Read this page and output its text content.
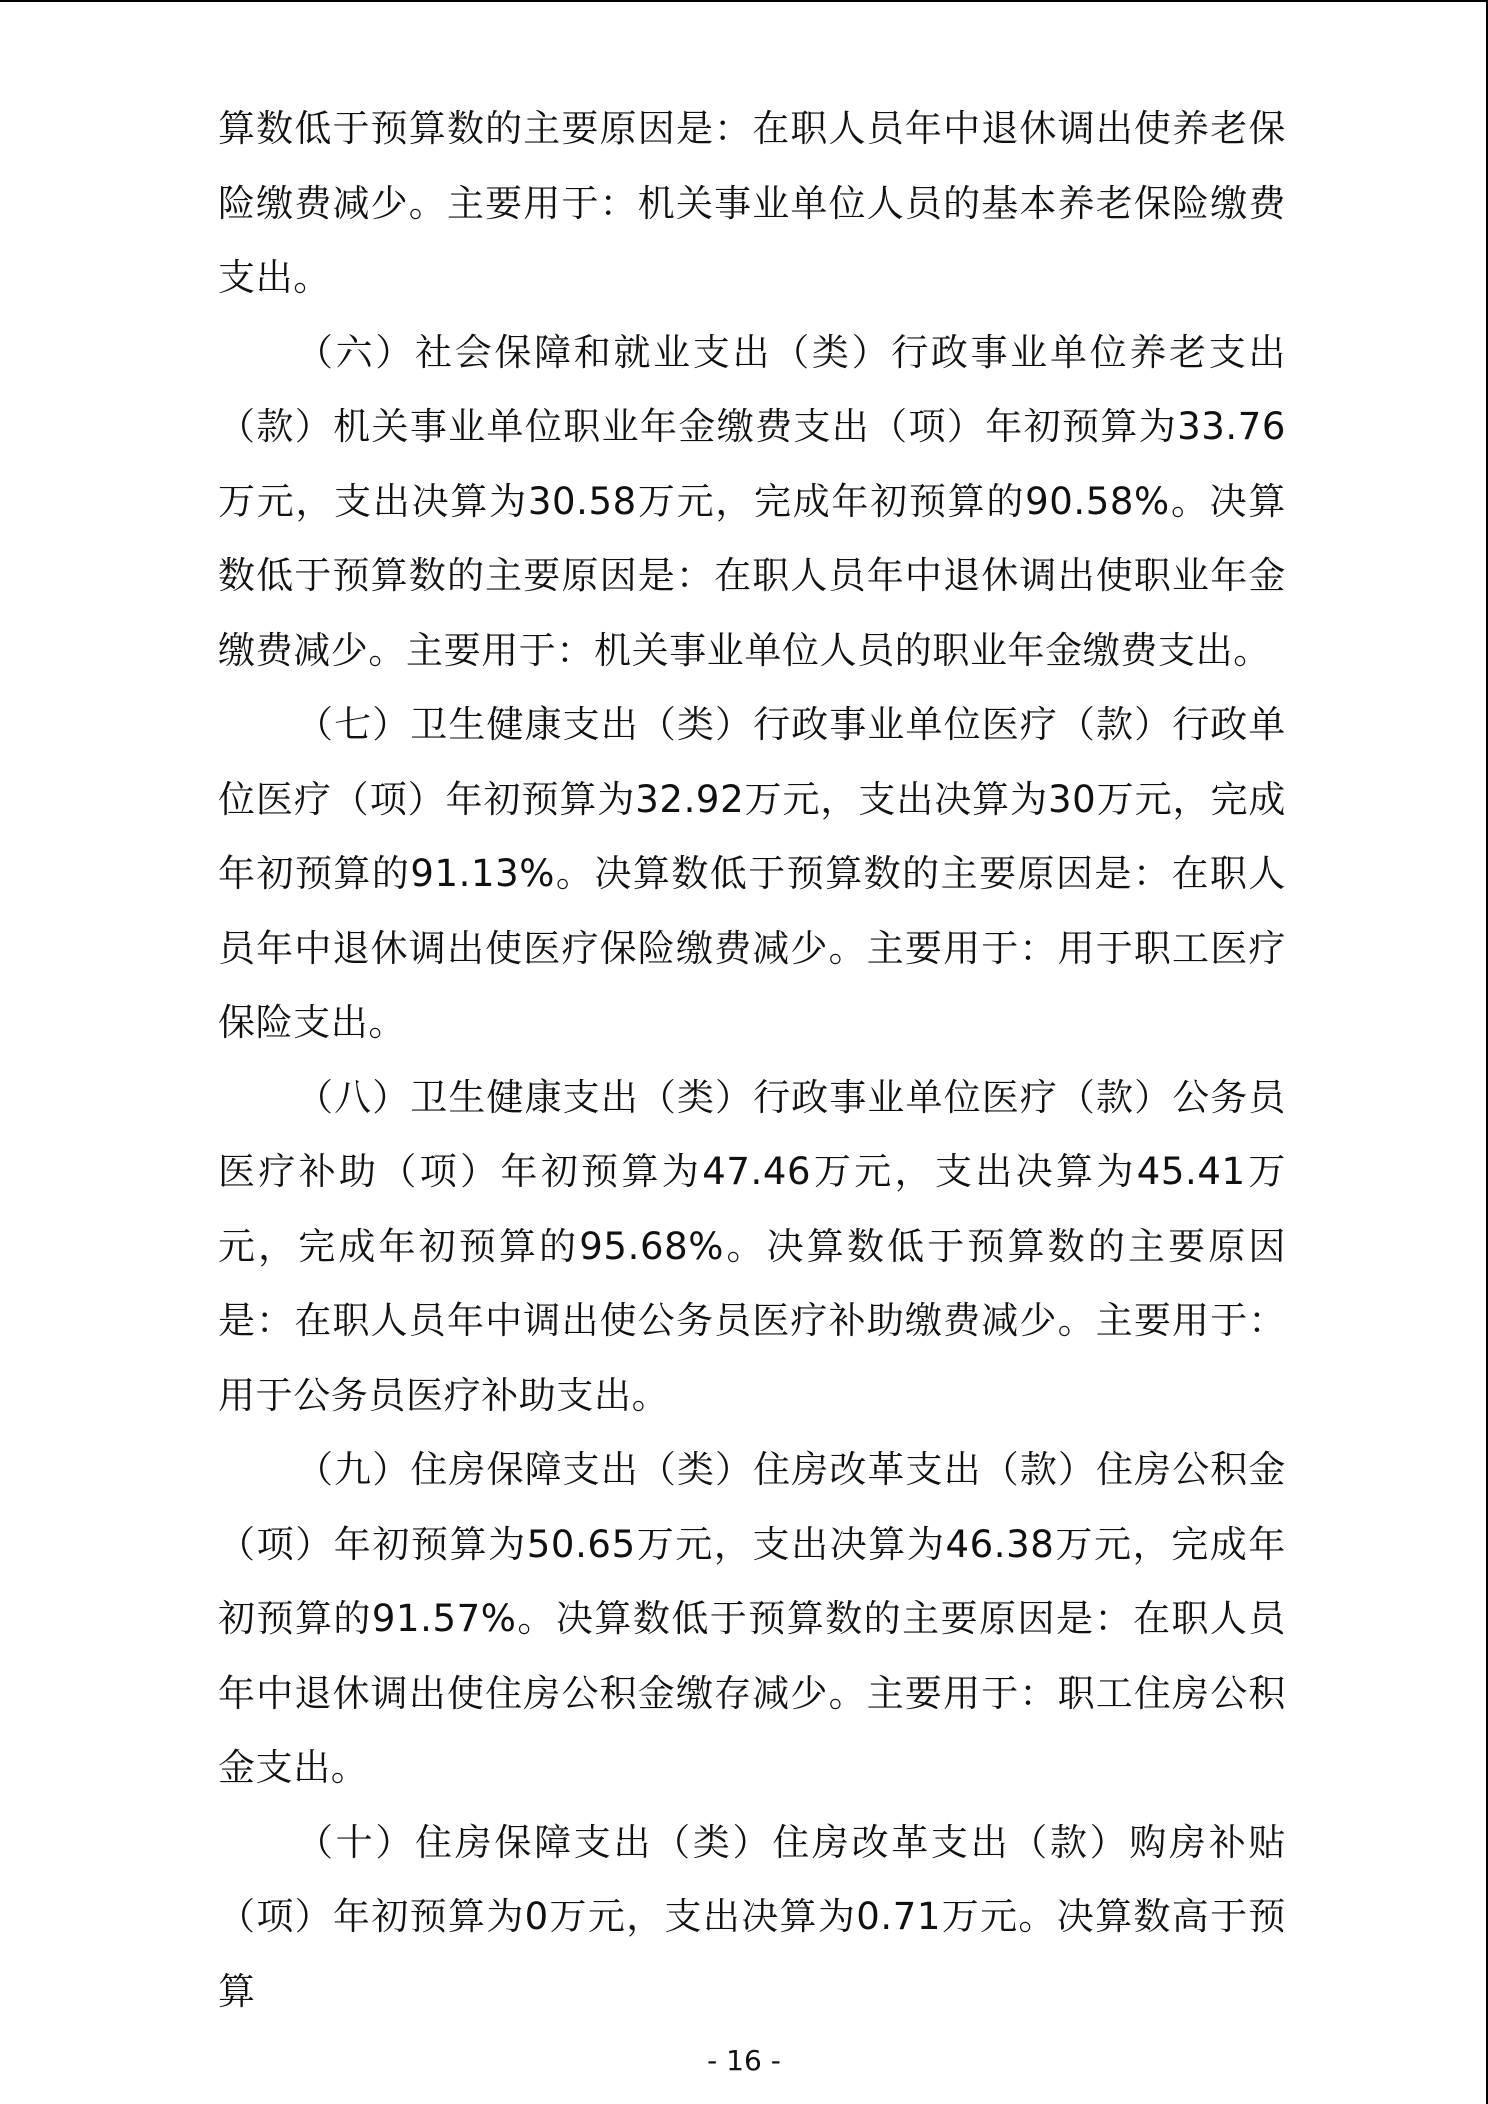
算数低于预算数的主要原因是：在职人员年中退休调出使养老保险缴费减少。主要用于：机关事业单位人员的基本养老保险缴费支出。

（六）社会保障和就业支出（类）行政事业单位养老支出（款）机关事业单位职业年金缴费支出（项）年初预算为33.76万元，支出决算为30.58万元，完成年初预算的90.58%。决算数低于预算数的主要原因是：在职人员年中退休调出使职业年金缴费减少。主要用于：机关事业单位人员的职业年金缴费支出。

（七）卫生健康支出（类）行政事业单位医疗（款）行政单位医疗（项）年初预算为32.92万元，支出决算为30万元，完成年初预算的91.13%。决算数低于预算数的主要原因是：在职人员年中退休调出使医疗保险缴费减少。主要用于：用于职工医疗保险支出。

（八）卫生健康支出（类）行政事业单位医疗（款）公务员医疗补助（项）年初预算为47.46万元，支出决算为45.41万元，完成年初预算的95.68%。决算数低于预算数的主要原因是：在职人员年中调出使公务员医疗补助缴费减少。主要用于：用于公务员医疗补助支出。

（九）住房保障支出（类）住房改革支出（款）住房公积金（项）年初预算为50.65万元，支出决算为46.38万元，完成年初预算的91.57%。决算数低于预算数的主要原因是：在职人员年中退休调出使住房公积金缴存减少。主要用于：职工住房公积金支出。

（十）住房保障支出（类）住房改革支出（款）购房补贴（项）年初预算为0万元，支出决算为0.71万元。决算数高于预算

- 16 -
